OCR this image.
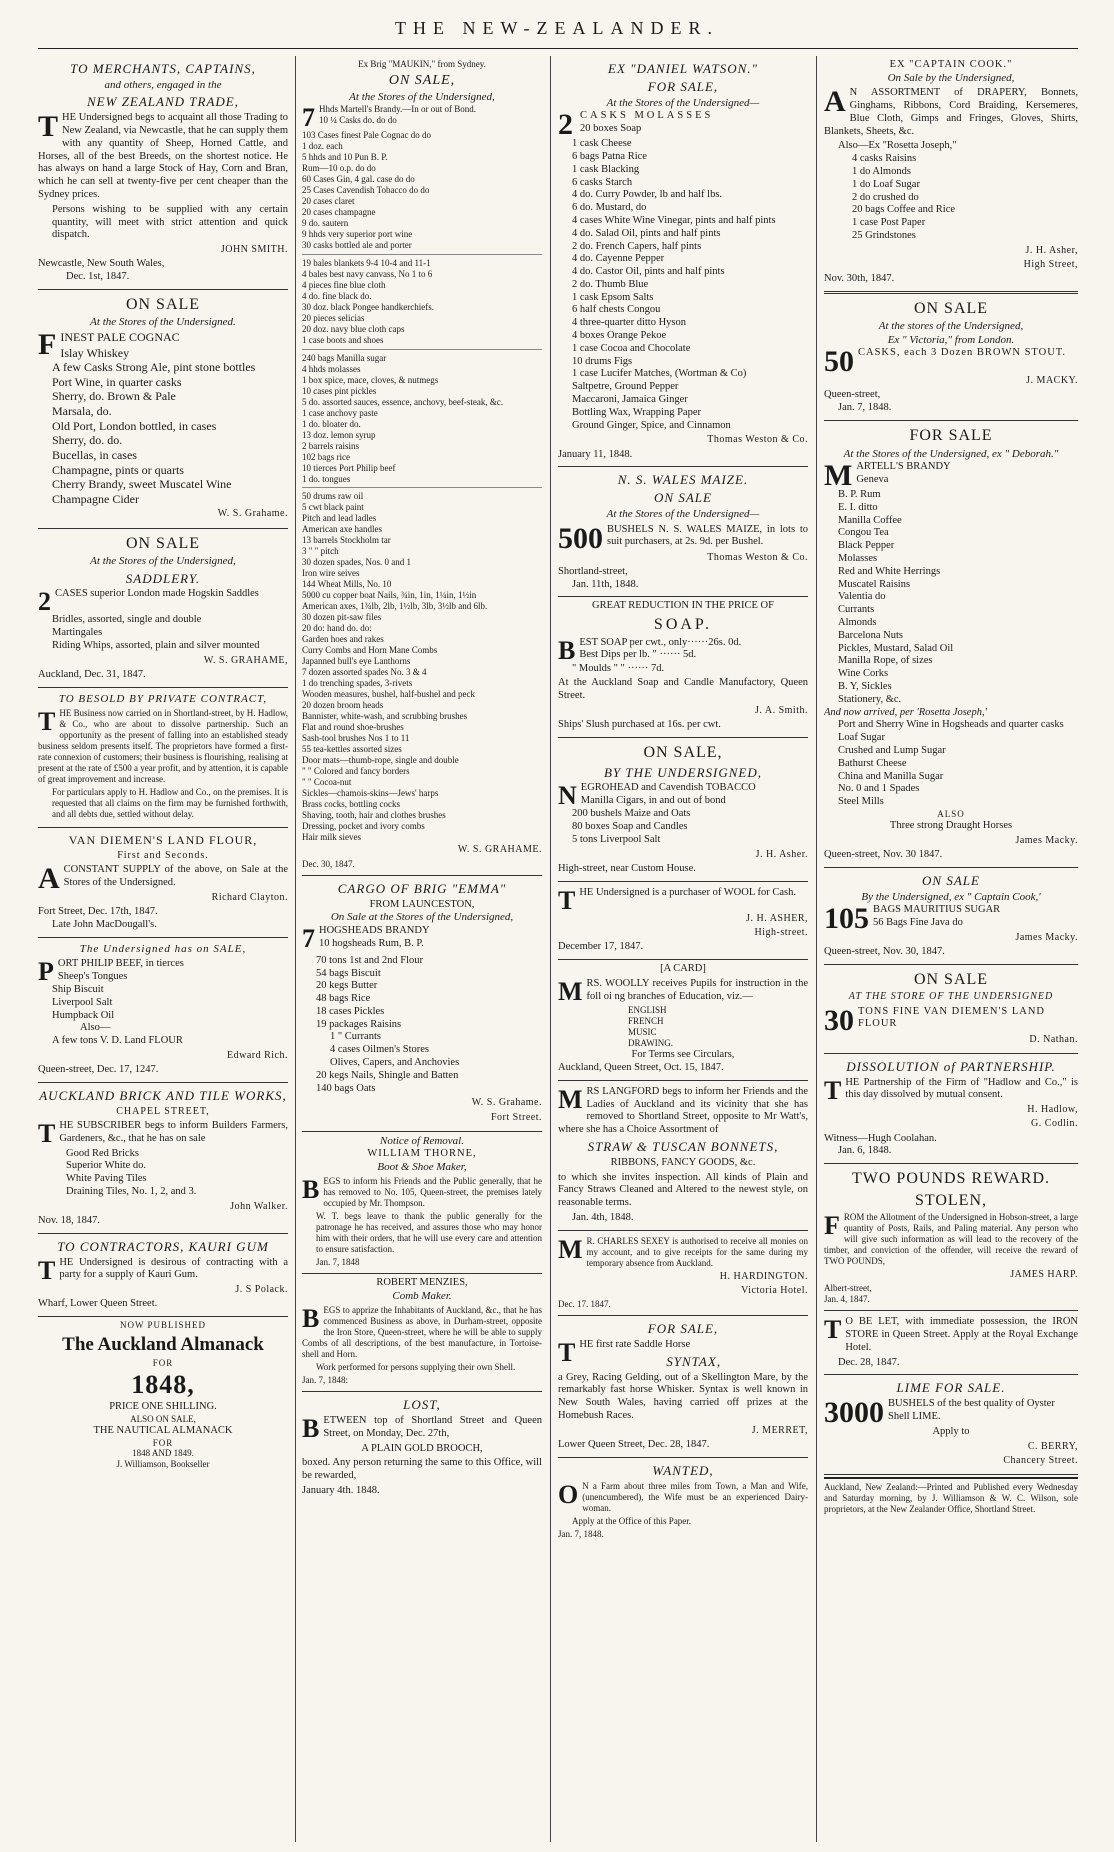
THE NEW-ZEALANDER.
TO MERCHANTS, CAPTAINS,
and others, engaged in the
NEW ZEALAND TRADE,
THE Undersigned begs to acquaint all those Trading to New Zealand, via Newcastle, that he can supply them with any quantity of Sheep, Horned Cattle, and Horses, all of the best Breeds, on the shortest notice. He has always on hand a large Stock of Hay, Corn and Bran, which he can sell at twenty-five per cent cheaper than the Sydney prices.
Persons wishing to be supplied with any certain quantity, will meet with strict attention and quick dispatch.
JOHN SMITH.
Newcastle, New South Wales,
Dec. 1st, 1847.
ON SALE
At the Stores of the Undersigned.
FINEST PALE COGNAC
Islay Whiskey
A few Casks Strong Ale, pint stone bottles
Port Wine, in quarter casks
Sherry, do. Brown & Pale
Marsala, do.
Old Port, London bottled, in cases
Sherry, do. do.
Bucellas, in cases
Champagne, pints or quarts
Cherry Brandy, sweet Muscatel Wine
Champagne Cider
W. S. Grahame.
ON SALE
At the Stores of the Undersigned,
SADDLERY.
2 CASES superior London made Hogskin Saddles
Bridles, assorted, single and double
Martingales
Riding Whips, assorted, plain and silver mounted
W. S. GRAHAME,
Auckland, Dec. 31, 1847.
TO BESOLD BY PRIVATE CONTRACT,
THE Business now carried on in Shortland-street, by H. Hadlow, & Co., who are about to dissolve partnership. Such an opportunity as the present of falling into an established steady business seldom presents itself. The proprietors have formed a first-rate connexion of customers; their business is flourishing, realising at present at the rate of £500 a year profit, and by attention, it is capable of great improvement and increase.
For particulars apply to H. Hadlow and Co., on the premises. It is requested that all claims on the firm may be furnished forthwith, and all debts due, settled without delay.
VAN DIEMEN'S LAND FLOUR,
First and Seconds.
ACONSTANT SUPPLY of the above, on Sale at the Stores of the Undersigned.
Richard Clayton.
Fort Street, Dec. 17th, 1847.
Late John MacDougall's.
The Undersigned has on SALE,
PORT PHILIP BEEF, in tierces
Sheep's Tongues
Ship Biscuit
Liverpool Salt
Humpback Oil
Also—
A few tons V. D. Land FLOUR
Edward Rich.
Queen-street, Dec. 17, 1247.
AUCKLAND BRICK AND TILE WORKS,
CHAPEL STREET,
THE SUBSCRIBER begs to inform Builders Farmers, Gardeners, &c., that he has on sale
Good Red Bricks
Superior White do.
White Paving Tiles
Draining Tiles, No. 1, 2, and 3.
John Walker.
Nov. 18, 1847.
TO CONTRACTORS, KAURI GUM
THE Undersigned is desirous of contracting with a party for a supply of Kauri Gum.
J. S Polack.
Wharf, Lower Queen Street.
NOW PUBLISHED
The Auckland Almanack
FOR
1848,
PRICE ONE SHILLING.
ALSO ON SALE,
THE NAUTICAL ALMANACK
FOR
1848 AND 1849.
J. Williamson, Bookseller
Ex Brig "MAUKIN," from Sydney.
ON SALE,
At the Stores of the Undersigned,
7 Hhds Martell's Brandy.—In or out of Bond.
10 ¼ Casks do. do do
103 Cases finest Pale Cognac do do
1 doz. each
5 hhds and 10 Pun B. P.
Rum—10 o.p. do do
60 Cases Gin, 4 gal. case do do
25 Cases Cavendish Tobacco do do
20 cases claret
20 cases champagne
9 do. sautern
9 hhds very superior port wine
30 casks bottled ale and porter
19 bales blankets 9-4 10-4 and 11-1
4 bales best navy canvass, No 1 to 6
4 pieces fine blue cloth
4 do. fine black do.
30 doz. black Pongee handkerchiefs.
20 pieces selicias
20 doz. navy blue cloth caps
1 case boots and shoes
240 bags Manilla sugar
4 hhds molasses
1 box spice, mace, cloves, & nutmegs
10 cases pint pickles
5 do. assorted sauces, essence, anchovy, beef-steak, &c.
1 case anchovy paste
1 do. bloater do.
13 doz. lemon syrup
2 barrels raisins
102 bags rice
10 tierces Port Philip beef
1 do. tongues
50 drums raw oil
5 cwt black paint
Pitch and lead ladles
American axe handles
13 barrels Stockholm tar
3 " " pitch
30 dozen spades, Nos. 0 and 1
Iron wire seives
144 Wheat Mills, No. 10
5000 cu copper boat Nails, ¾in, 1in, 1¼in, 1½in
American axes, 1¾lb, 2lb, 1½lb, 3lb, 3½lb and 6lb.
30 dozen pit-saw files
20 do: hand do. do:
Garden hoes and rakes
Curry Combs and Horn Mane Combs
Japanned bull's eye Lanthorns
7 dozen assorted spades No. 3 & 4
1 do trenching spades, 3-rivets
Wooden measures, bushel, half-bushel and peck
20 dozen broom heads
Bannister, white-wash, and scrubbing brushes
Flat and round shoe-brushes
Sash-tool brushes Nos 1 to 11
55 tea-kettles assorted sizes
Door mats—thumb-rope, single and double
" " Colored and fancy borders
" " Cocoa-nut
Sickles—chamois-skins—Jews' harps
Brass cocks, bottling cocks
Shaving, tooth, hair and clothes brushes
Dressing, pocket and ivory combs
Hair milk sieves
W. S. GRAHAME.
Dec. 30, 1847.
CARGO OF BRIG "EMMA"
FROM LAUNCESTON,
On Sale at the Stores of the Undersigned,
7 HOGSHEADS BRANDY
10 hogsheads Rum, B. P.
70 tons 1st and 2nd Flour
54 bags Biscuit
20 kegs Butter
48 bags Rice
18 cases Pickles
19 packages Raisins
1 " Currants
4 cases Oilmen's Stores
Olives, Capers, and Anchovies
20 kegs Nails, Shingle and Batten
140 bags Oats
W. S. Grahame.
Fort Street.
Notice of Removal.
WILLIAM THORNE,
Boot & Shoe Maker,
BEGS to inform his Friends and the Public generally, that he has removed to No. 105, Queen-street, the premises lately occupied by Mr. Thompson.
W. T. begs leave to thank the public generally for the patronage he has received, and assures those who may honor him with their orders, that he will use every care and attention to ensure satisfaction.
Jan. 7, 1848
ROBERT MENZIES,
Comb Maker.
BEGS to apprize the Inhabitants of Auckland, &c., that he has commenced Business as above, in Durham-street, opposite the Iron Store, Queen-street, where he will be able to supply Combs of all descriptions, of the best manufacture, in Tortoise-shell and Horn.
Work performed for persons supplying their own Shell.
Jan. 7, 1848:
LOST,
BETWEEN top of Shortland Street and Queen Street, on Monday, Dec. 27th,
A PLAIN GOLD BROOCH,
boxed. Any person returning the same to this Office, will be rewarded,
January 4th. 1848.
EX "DANIEL WATSON."
FOR SALE,
At the Stores of the Undersigned—
2 CASKS MOLASSES
20 boxes Soap
1 cask Cheese
6 bags Patna Rice
1 cask Blacking
6 casks Starch
4 do. Curry Powder, lb and half lbs.
6 do. Mustard, do
4 cases White Wine Vinegar, pints and half pints
4 do. Salad Oil, pints and half pints
2 do. French Capers, half pints
4 do. Cayenne Pepper
4 do. Castor Oil, pints and half pints
2 do. Thumb Blue
1 cask Epsom Salts
6 half chests Congou
4 three-quarter ditto Hyson
4 boxes Orange Pekoe
1 case Cocoa and Chocolate
10 drums Figs
1 case Lucifer Matches, (Wortman & Co)
Saltpetre, Ground Pepper
Maccaroni, Jamaica Ginger
Bottling Wax, Wrapping Paper
Ground Ginger, Spice, and Cinnamon
Thomas Weston & Co.
January 11, 1848.
N. S. WALES MAIZE.
ON SALE
At the Stores of the Undersigned—
500 BUSHELS N. S. WALES MAIZE, in lots to suit purchasers, at 2s. 9d. per Bushel.
Thomas Weston & Co.
Shortland-street,
Jan. 11th, 1848.
GREAT REDUCTION IN THE PRICE OF
SOAP.
BEST SOAP per cwt., only······26s. 0d.
Best Dips per lb. " ······ 5d.
" Moulds " " ······ 7d.
At the Auckland Soap and Candle Manufactory, Queen Street.
J. A. Smith.
Ships' Slush purchased at 16s. per cwt.
ON SALE,
BY THE UNDERSIGNED,
NEGROHEAD and Cavendish TOBACCO
Manilla Cigars, in and out of bond
200 bushels Maize and Oats
80 boxes Soap and Candles
5 tons Liverpool Salt
J. H. Asher.
High-street, near Custom House.
THE Undersigned is a purchaser of WOOL for Cash.
J. H. ASHER,
High-street.
December 17, 1847.
[A CARD]
MRS. WOOLLY receives Pupils for instruction in the foll oi ng branches of Education, viz.—
ENGLISH
FRENCH
MUSIC
DRAWING.
For Terms see Circulars,
Auckland, Queen Street, Oct. 15, 1847.
MRS LANGFORD begs to inform her Friends and the Ladies of Auckland and its vicinity that she has removed to Shortland Street, opposite to Mr Watt's, where she has a Choice Assortment of
STRAW & TUSCAN BONNETS,
RIBBONS, FANCY GOODS, &c.
to which she invites inspection. All kinds of Plain and Fancy Straws Cleaned and Altered to the newest style, on reasonable terms.
Jan. 4th, 1848.
M R. CHARLES SEXEY is authorised to receive all monies on my account, and to give receipts for the same during my temporary absence from Auckland.
H. HARDINGTON.
Victoria Hotel.
Dec. 17. 1847.
FOR SALE,
THE first rate Saddle Horse
SYNTAX,
a Grey, Racing Gelding, out of a Skellington Mare, by the remarkably fast horse Whisker. Syntax is well known in New South Wales, having carried off prizes at the Homebush Races.
J. MERRET,
Lower Queen Street, Dec. 28, 1847.
WANTED,
O N a Farm about three miles from Town, a Man and Wife, (unencumbered), the Wife must be an experienced Dairy-woman.
Apply at the Office of this Paper.
Jan. 7, 1848.
EX "CAPTAIN COOK."
On Sale by the Undersigned,
A N ASSORTMENT of DRAPERY, Bonnets, Ginghams, Ribbons, Cord Braiding, Kersemeres, Blue Cloth, Gimps and Fringes, Gloves, Shirts, Blankets, Sheets, &c.
Also—Ex "Rosetta Joseph,"
4 casks Raisins
1 do Almonds
1 do Loaf Sugar
2 do crushed do
20 bags Coffee and Rice
1 case Post Paper
25 Grindstones
J. H. Asher,
High Street,
Nov. 30th, 1847.
ON SALE
At the stores of the Undersigned,
Ex " Victoria," from London.
50 CASKS, each 3 Dozen BROWN STOUT.
J. MACKY.
Queen-street,
Jan. 7, 1848.
FOR SALE
At the Stores of the Undersigned, ex " Deborah."
MARTELL'S BRANDY
Geneva
B. P. Rum
E. I. ditto
Manilla Coffee
Congou Tea
Black Pepper
Molasses
Red and White Herrings
Muscatel Raisins
Valentia do
Currants
Almonds
Barcelona Nuts
Pickles, Mustard, Salad Oil
Manilla Rope, of sizes
Wine Corks
B. Y, Sickles
Stationery, &c.
And now arrived, per 'Rosetta Joseph,'
Port and Sherry Wine in Hogsheads and quarter casks
Loaf Sugar
Crushed and Lump Sugar
Bathurst Cheese
China and Manilla Sugar
No. 0 and 1 Spades
Steel Mills
ALSO
Three strong Draught Horses
James Macky.
Queen-street, Nov. 30 1847.
ON SALE
By the Undersigned, ex " Captain Cook,'
105 BAGS MAURITIUS SUGAR
56 Bags Fine Java do
James Macky.
Queen-street, Nov. 30, 1847.
ON SALE
AT THE STORE OF THE UNDERSIGNED
30 TONS FINE VAN DIEMEN'S LAND FLOUR
D. Nathan.
DISSOLUTION of PARTNERSHIP.
THE Partnership of the Firm of "Hadlow and Co.," is this day dissolved by mutual consent.
H. Hadlow,
G. Codlin.
Witness—Hugh Coolahan.
Jan. 6, 1848.
TWO POUNDS REWARD.
STOLEN,
FROM the Allotment of the Undersigned in Hobson-street, a large quantity of Posts, Rails, and Paling material. Any person who will give such information as will lead to the recovery of the timber, and conviction of the offender, will receive the reward of TWO POUNDS,
JAMES HARP.
Albert-street,
Jan. 4, 1847.
T O BE LET, with immediate possession, the IRON STORE in Queen Street. Apply at the Royal Exchange Hotel.
Dec. 28, 1847.
LIME FOR SALE.
3000 BUSHELS of the best quality of Oyster Shell LIME.
Apply to
C. BERRY,
Chancery Street.
Auckland, New Zealand:—Printed and Published every Wednesday and Saturday morning, by J. Williamson & W. C. Wilson, sole proprietors, at the New Zealander Office, Shortland Street.
